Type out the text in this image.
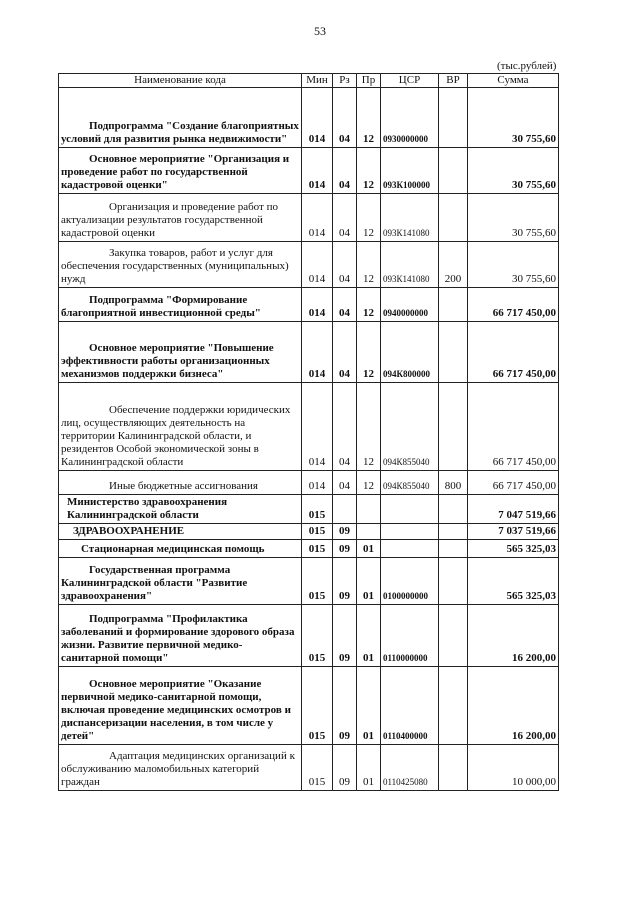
53
(тыс.рублей)
Наименование кода	Мин	Рз	Пр	ЦСР	ВР	Сумма
Подпрограмма "Создание благоприятных условий для развития рынка недвижимости"	014	04	12	0930000000		30 755,60
Основное мероприятие "Организация и проведение работ по государственной кадастровой оценки"	014	04	12	093К100000		30 755,60
Организация и проведение работ по актуализации результатов государственной кадастровой оценки	014	04	12	093К141080		30 755,60
Закупка товаров, работ и услуг для обеспечения государственных (муниципальных) нужд	014	04	12	093К141080	200	30 755,60
Подпрограмма "Формирование благоприятной инвестиционной среды"	014	04	12	0940000000		66 717 450,00
Основное мероприятие "Повышение эффективности работы организационных механизмов поддержки бизнеса"	014	04	12	094К800000		66 717 450,00
Обеспечение поддержки юридических лиц, осуществляющих деятельность на территории Калининградской области, и резидентов Особой экономической зоны в Калининградской области	014	04	12	094К855040		66 717 450,00
Иные бюджетные ассигнования	014	04	12	094К855040	800	66 717 450,00
Министерство здравоохранения Калининградской области	015					7 047 519,66
ЗДРАВООХРАНЕНИЕ	015	09				7 037 519,66
Стационарная медицинская помощь	015	09	01			565 325,03
Государственная программа Калининградской области "Развитие здравоохранения"	015	09	01	0100000000		565 325,03
Подпрограмма "Профилактика заболеваний и формирование здорового образа жизни. Развитие первичной медико-санитарной помощи"	015	09	01	0110000000		16 200,00
Основное мероприятие "Оказание первичной медико-санитарной помощи, включая проведение медицинских осмотров и диспансеризации населения, в том числе у детей"	015	09	01	0110400000		16 200,00
Адаптация медицинских организаций к обслуживанию маломобильных категорий граждан	015	09	01	0110425080		10 000,00
